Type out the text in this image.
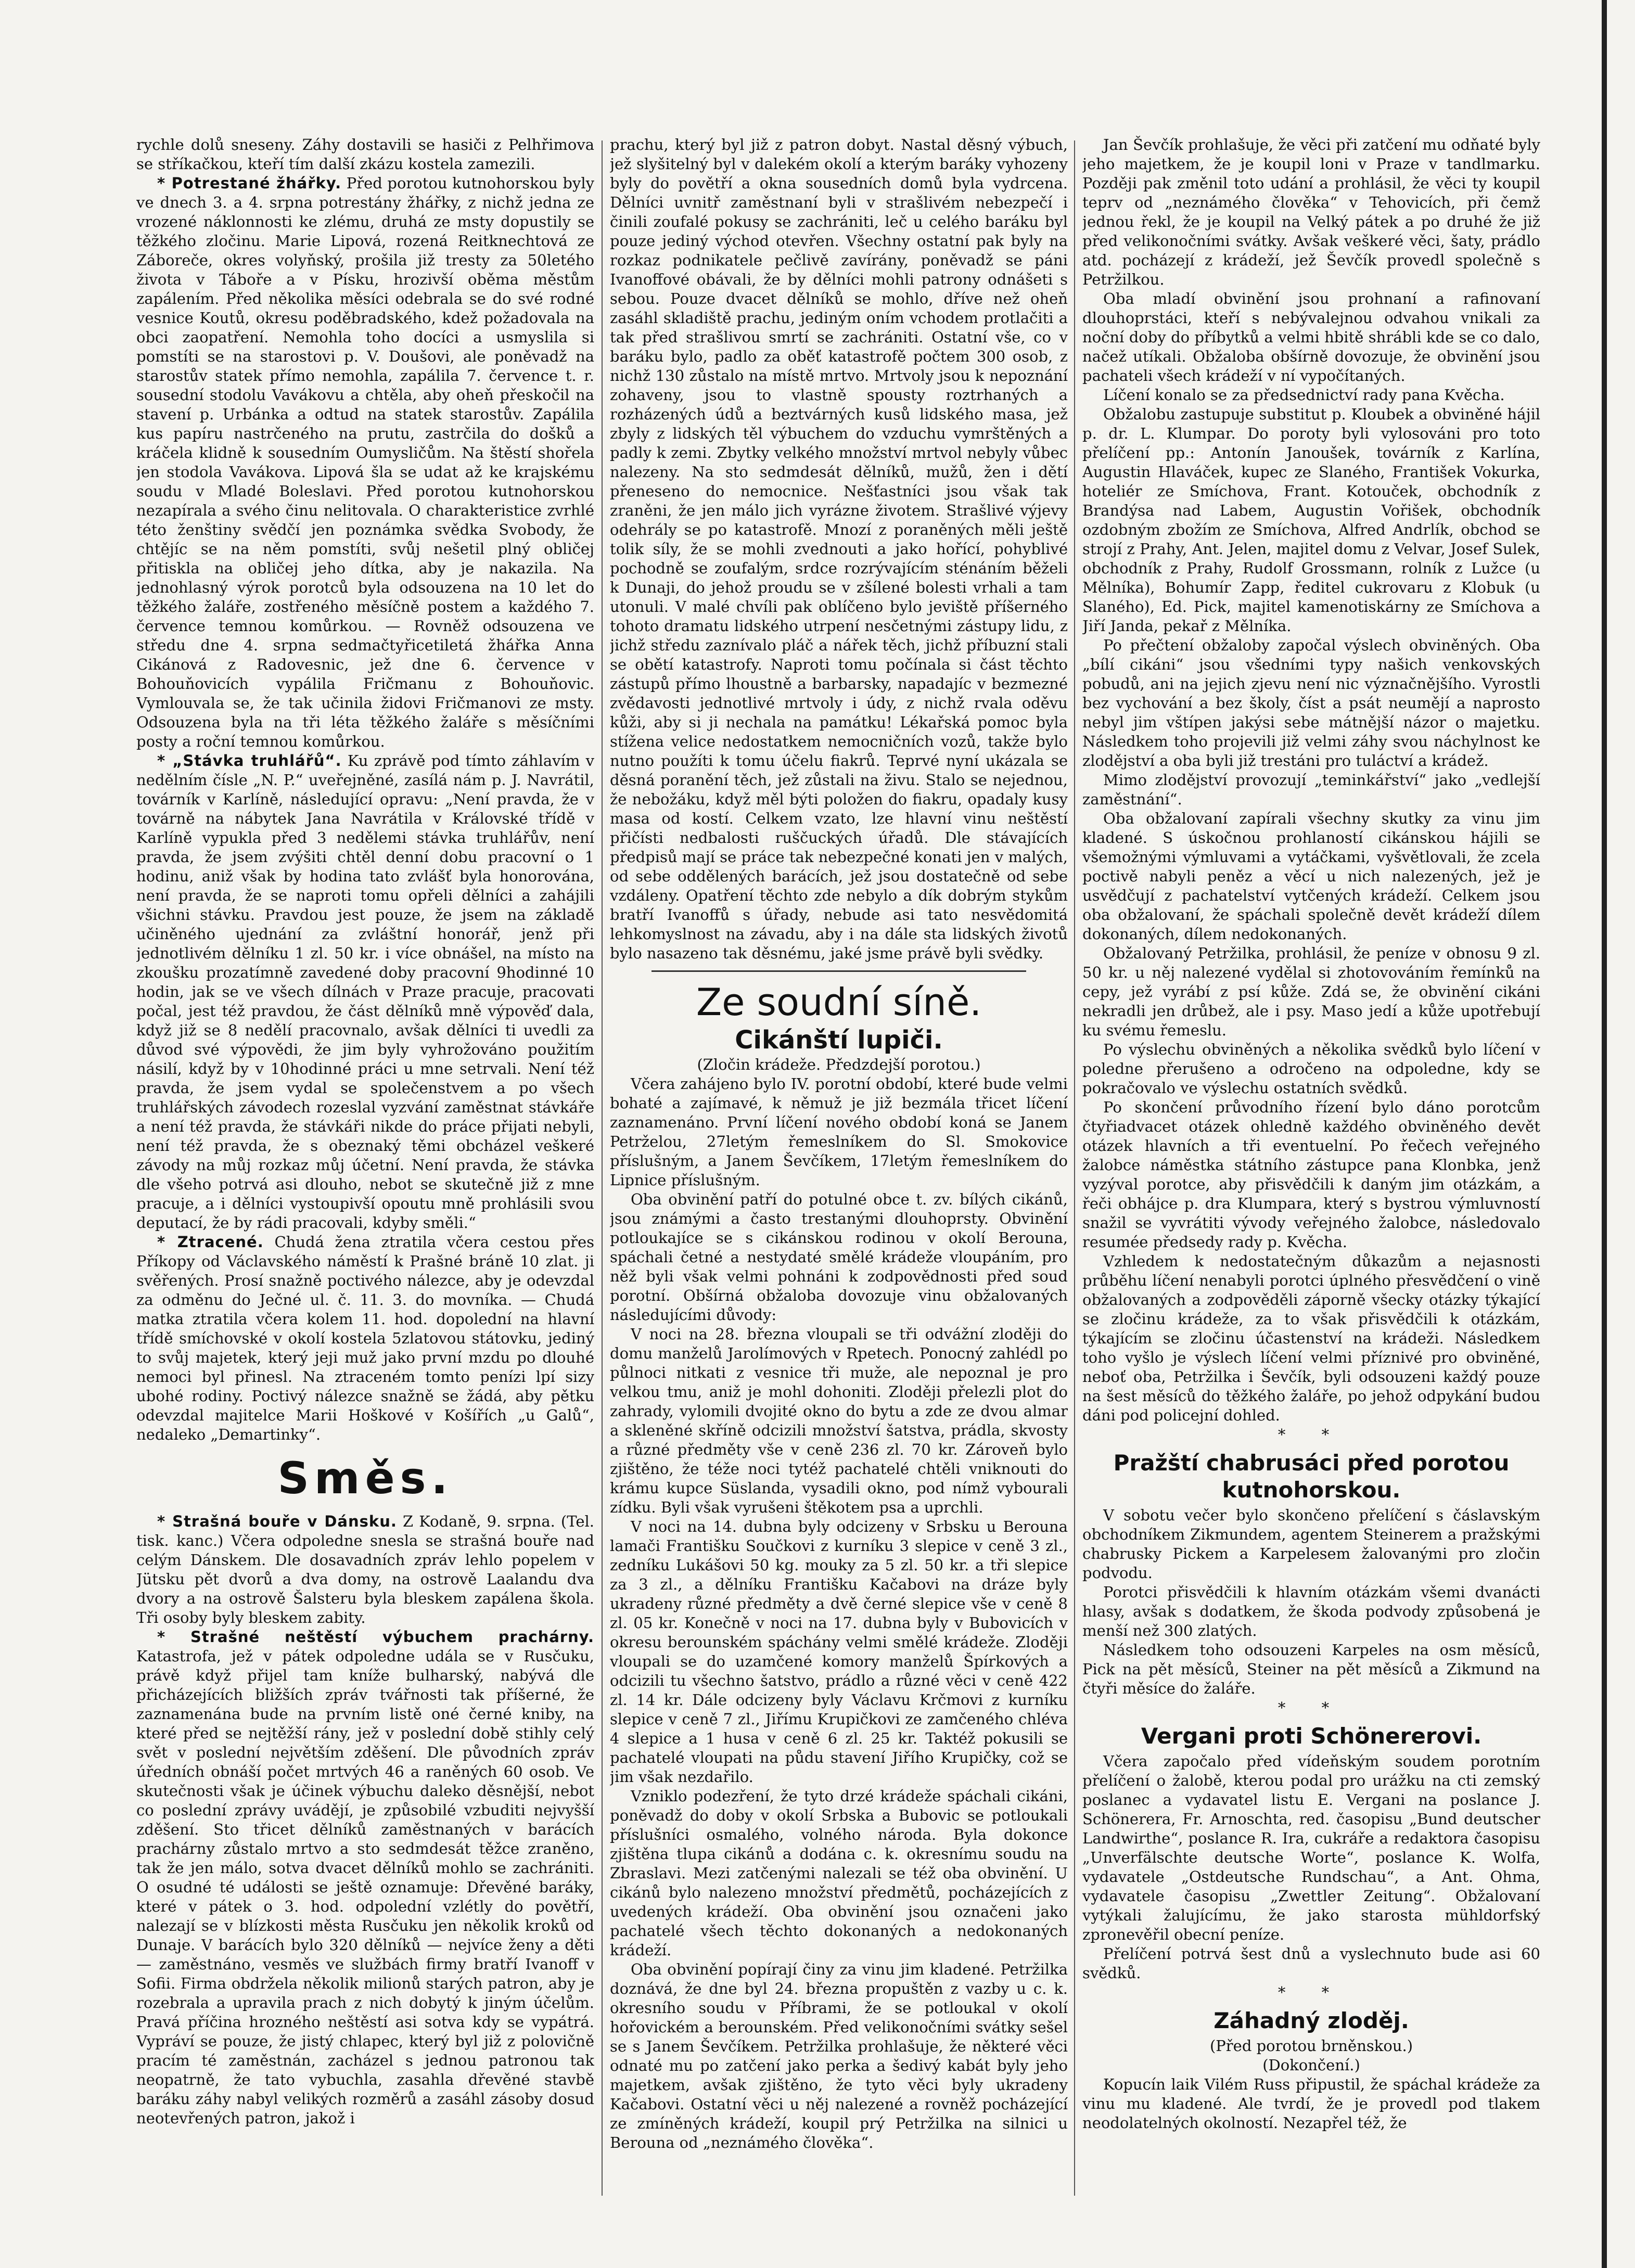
rychle dolů sneseny. Záhy dostavili se hasiči z Pelhřimova se stříkačkou, kteří tím další zkázu kostela zamezili.

* Potrestané žhářky. Před porotou kutnohorskou byly ve dnech 3. a 4. srpna potrestány žhářky, z nichž jedna ze vrozené náklonnosti ke zlému, druhá ze msty dopustily se těžkého zločinu. Marie Lipová, rozená Reitknechtová ze Záboreče, okres volyňský, prošila již tresty za 50letého života v Táboře a v Písku, hrozivší oběma městům zapálením. Před několika měsíci odebrala se do své rodné vesnice Koutů, okresu poděbradského, kdež požadovala na obci zaopatření. Nemohla toho docíci a usmyslila si pomstíti se na starostovi p. V. Doušovi, ale poněvadž na starostův statek přímo nemohla, zapálila 7. července t. r. sousední stodolu Vavákovu a chtěla, aby oheň přeskočil na stavení p. Urbánka a odtud na statek starostův. Zapálila kus papíru nastrčeného na prutu, zastrčila do došků a kráčela klidně k sousedním Oumysličům. Na štěstí shořela jen stodola Vavákova. Lipová šla se udat až ke krajskému soudu v Mladé Boleslavi. Před porotou kutnohorskou nezapírala a svého činu nelitovala. O charakteristice zvrhlé této ženštiny svědčí jen poznámka svědka Svobody, že chtějíc se na něm pomstíti, svůj nešetil plný obličej přitiskla na obličej jeho dítka, aby je nakazila. Na jednohlasný výrok porotců byla odsouzena na 10 let do těžkého žaláře, zostřeného měsíčně postem a každého 7. července temnou komůrkou. — Rovněž odsouzena ve středu dne 4. srpna sedmačtyřicetiletá žhářka Anna Cikánová z Radovesnic, jež dne 6. července v Bohouňovicích vypálila Fričmanu z Bohouňovic. Vymlouvala se, že tak učinila židovi Fričmanovi ze msty. Odsouzena byla na tři léta těžkého žaláře s měsíčními posty a roční temnou komůrkou.

* „Stávka truhlářů“. Ku zprávě pod tímto záhlavím v nedělním čísle „N. P.“ uveřejněné, zasílá nám p. J. Navrátil, továrník v Karlíně, následující opravu: „Není pravda, že v továrně na nábytek Jana Navrátila v Královské třídě v Karlíně vypukla před 3 nedělemi stávka truhlářův, není pravda, že jsem zvýšiti chtěl denní dobu pracovní o 1 hodinu, aniž však by hodina tato zvlášť byla honorována, není pravda, že se naproti tomu opřeli dělníci a zahájili všichni stávku. Pravdou jest pouze, že jsem na základě učiněného ujednání za zvláštní honorář, jenž při jednotlivém dělníku 1 zl. 50 kr. i více obnášel, na místo na zkoušku prozatímně zavedené doby pracovní 9hodinné 10 hodin, jak se ve všech dílnách v Praze pracuje, pracovati počal, jest též pravdou, že část dělníků mně výpověď dala, když již se 8 nedělí pracovnalo, avšak dělníci ti uvedli za důvod své výpovědi, že jim byly vyhrožováno použitím násilí, když by v 10hodinné práci u mne setrvali. Není též pravda, že jsem vydal se společenstvem a po všech truhlářských závodech rozeslal vyzvání zaměstnat stávkáře a není též pravda, že stávkáři nikde do práce přijati nebyli, není též pravda, že s obeznaký těmi obcházel veškeré závody na můj rozkaz můj účetní. Není pravda, že stávka dle všeho potrvá asi dlouho, nebot se skutečně již z mne pracuje, a i dělníci vystoupivší opoutu mně prohlásili svou deputací, že by rádi pracovali, kdyby směli.“

* Ztracené. Chudá žena ztratila včera cestou přes Příkopy od Václavského náměstí k Prašné bráně 10 zlat. ji svěřených. Prosí snažně poctivého nálezce, aby je odevzdal za odměnu do Ječné ul. č. 11. 3. do movníka. — Chudá matka ztratila včera kolem 11. hod. dopolední na hlavní třídě smíchovské v okolí kostela 5zlatovou státovku, jediný to svůj majetek, který jeji muž jako první mzdu po dlouhé nemoci byl přinesl. Na ztraceném tomto penízi lpí sizy ubohé rodiny. Poctivý nálezce snažně se žádá, aby pětku odevzdal majitelce Marii Hoškové v Košířích „u Galů“, nedaleko „Demartinky“.

Směs.

* Strašná bouře v Dánsku. Z Kodaně, 9. srpna. (Tel. tisk. kanc.) Včera odpoledne snesla se strašná bouře nad celým Dánskem. Dle dosavadních zpráv lehlo popelem v Jütsku pět dvorů a dva domy, na ostrově Laalandu dva dvory a na ostrově Šalsteru byla bleskem zapálena škola. Tři osoby byly bleskem zabity.

* Strašné neštěstí výbuchem prachárny. Katastrofa, jež v pátek odpoledne udála se v Rusčuku, právě když přijel tam kníže bulharský, nabývá dle přicházejících bližších zpráv tvářnosti tak příšerné, že zaznamenána bude na prvním listě oné černé kniby, na které před se nejtěžší rány, jež v poslední době stihly celý svět v poslední největším zděšení. Dle původních zpráv úředních obnáší počet mrtvých 46 a raněných 60 osob. Ve skutečnosti však je účinek výbuchu daleko děsnější, nebot co poslední zprávy uvádějí, je způsobilé vzbuditi nejvyšší zděšení. Sto třicet dělníků zaměstnaných v barácích prachárny zůstalo mrtvo a sto sedmdesát těžce zraněno, tak že jen málo, sotva dvacet dělníků mohlo se zachrániti. O osudné té události se ještě oznamuje: Dřevěné baráky, které v pátek o 3. hod. odpolední vzlétly do povětří, nalezají se v blízkosti města Rusčuku jen několik kroků od Dunaje. V barácích bylo 320 dělníků — nejvíce ženy a děti — zaměstnáno, vesměs ve službách firmy bratří Ivanoff v Sofii. Firma obdržela několik milionů starých patron, aby je rozebrala a upravila prach z nich dobytý k jiným účelům. Pravá příčina hrozného neštěstí asi sotva kdy se vypátrá. Vypráví se pouze, že jistý chlapec, který byl již z polovičně pracím té zaměstnán, zacházel s jednou patronou tak neopatrně, že tato vybuchla, zasahla dřevěné stavbě baráku záhy nabyl velikých rozměrů a zasáhl zásoby dosud neotevřených patron, jakož i

prachu, který byl již z patron dobyt. Nastal děsný výbuch, jež slyšitelný byl v dalekém okolí a kterým baráky vyhozeny byly do povětří a okna sousedních domů byla vydrcena. Dělníci uvnitř zaměstnaní byli v strašlivém nebezpečí i činili zoufalé pokusy se zachrániti, leč u celého baráku byl pouze jediný východ otevřen. Všechny ostatní pak byly na rozkaz podnikatele pečlivě zavírány, poněvadž se páni Ivanoffové obávali, že by dělníci mohli patrony odnášeti s sebou. Pouze dvacet dělníků se mohlo, dříve než oheň zasáhl skladiště prachu, jediným oním vchodem protlačiti a tak před strašlivou smrtí se zachrániti. Ostatní vše, co v baráku bylo, padlo za oběť katastrofě počtem 300 osob, z nichž 130 zůstalo na místě mrtvo. Mrtvoly jsou k nepoznání zohaveny, jsou to vlastně spousty roztrhaných a rozházených údů a beztvárných kusů lidského masa, jež zbyly z lidských těl výbuchem do vzduchu vymrštěných a padly k zemi. Zbytky velkého množství mrtvol nebyly vůbec nalezeny. Na sto sedmdesát dělníků, mužů, žen i dětí přeneseno do nemocnice. Nešťastníci jsou však tak zraněni, že jen málo jich vyrázne životem. Strašlivé výjevy odehrály se po katastrofě. Mnozí z poraněných měli ještě tolik síly, že se mohli zvednouti a jako hořící, pohyblivé pochodně se zoufalým, srdce rozrývajícím sténáním běželi k Dunaji, do jehož proudu se v zšílené bolesti vrhali a tam utonuli. V malé chvíli pak oblíčeno bylo jeviště příšerného tohoto dramatu lidského utrpení nesčetnými zástupy lidu, z jichž středu zaznívalo pláč a nářek těch, jichž příbuzní stali se obětí katastrofy. Naproti tomu počínala si část těchto zástupů přímo lhoustně a barbarsky, napadajíc v bezmezné zvědavosti jednotlivé mrtvoly i údy, z nichž rvala oděvu kůži, aby si ji nechala na památku! Lékařská pomoc byla stížena velice nedostatkem nemocničních vozů, takže bylo nutno použíti k tomu účelu fiakrů. Teprvé nyní ukázala se děsná poranění těch, jež zůstali na živu. Stalo se nejednou, že nebožáku, když měl býti položen do fiakru, opadaly kusy masa od kostí. Celkem vzato, lze hlavní vinu neštěstí přičísti nedbalosti ruščuckých úřadů. Dle stávajících předpisů mají se práce tak nebezpečné konati jen v malých, od sebe oddělených barácích, jež jsou dostatečně od sebe vzdáleny. Opatření těchto zde nebylo a dík dobrým stykům bratří Ivanoffů s úřady, nebude asi tato nesvědomitá lehkomyslnost na závadu, aby i na dále sta lidských životů bylo nasazeno tak děsnému, jaké jsme právě byli svědky.

Ze soudní síně.
Cikánští lupiči.

(Zločin krádeže. Předzdejší porotou.)

Včera zahájeno bylo IV. porotní období, které bude velmi bohaté a zajímavé, k němuž je již bezmála třicet líčení zaznamenáno. První líčení nového období koná se Janem Petrželou, 27letým řemeslníkem do Sl. Smokovice příslušným, a Janem Ševčíkem, 17letým řemeslníkem do Lipnice příslušným.

Oba obvinění patří do potulné obce t. zv. bílých cikánů, jsou známými a často trestanými dlouhoprsty. Obvinění potloukajíce se s cikánskou rodinou v okolí Berouna, spáchali četné a nestydaté smělé krádeže vloupáním, pro něž byli však velmi pohnáni k zodpovědnosti před soud porotní. Obšírná obžaloba dovozuje vinu obžalovaných následujícími důvody:

V noci na 28. března vloupali se tři odvážní zloději do domu manželů Jarolímových v Rpetech. Ponocný zahlédl po půlnoci nitkati z vesnice tři muže, ale nepoznal je pro velkou tmu, aniž je mohl dohoniti. Zloději přelezli plot do zahrady, vylomili dvojité okno do bytu a zde ze dvou almar a skleněné skříně odcizili množství šatstva, prádla, skvosty a různé předměty vše v ceně 236 zl. 70 kr. Zároveň bylo zjištěno, že téže noci tytéž pachatelé chtěli vniknouti do krámu kupce Süslanda, vysadili okno, pod nímž vybourali zídku. Byli však vyrušeni štěkotem psa a uprchli.

V noci na 14. dubna byly odcizeny v Srbsku u Berouna lamači Františku Součkovi z kurníku 3 slepice v ceně 3 zl., zedníku Lukášovi 50 kg. mouky za 5 zl. 50 kr. a tři slepice za 3 zl., a dělníku Františku Kačabovi na dráze byly ukradeny různé předměty a dvě černé slepice vše v ceně 8 zl. 05 kr. Konečně v noci na 17. dubna byly v Bubovicích v okresu berounském spáchány velmi smělé krádeže. Zloději vloupali se do uzamčené komory manželů Špírkových a odcizili tu všechno šatstvo, prádlo a různé věci v ceně 422 zl. 14 kr. Dále odcizeny byly Václavu Krčmovi z kurníku slepice v ceně 7 zl., Jiřímu Krupičkovi ze zamčeného chléva 4 slepice a 1 husa v ceně 6 zl. 25 kr. Taktéž pokusili se pachatelé vloupati na půdu stavení Jiřího Krupičky, což se jim však nezdařilo.

Vzniklo podezření, že tyto drzé krádeže spáchali cikáni, poněvadž do doby v okolí Srbska a Bubovic se potloukali příslušníci osmalého, volného národa. Byla dokonce zjištěna tlupa cikánů a dodána c. k. okresnímu soudu na Zbraslavi. Mezi zatčenými nalezali se též oba obvinění. U cikánů bylo nalezeno množství předmětů, pocházejících z uvedených krádeží. Oba obvinění jsou označeni jako pachatelé všech těchto dokonaných a nedokonaných krádeží.

Oba obvinění popírají činy za vinu jim kladené. Petržilka doznává, že dne byl 24. března propuštěn z vazby u c. k. okresního soudu v Příbrami, že se potloukal v okolí hořovickém a berounském. Před velikonočními svátky sešel se s Janem Ševčíkem. Petržilka prohlašuje, že některé věci odnaté mu po zatčení jako perka a šedivý kabát byly jeho majetkem, avšak zjištěno, že tyto věci byly ukradeny Kačabovi. Ostatní věci u něj nalezené a rovněž pocházející ze zmíněných krádeží, koupil prý Petržilka na silnici u Berouna od „neznámého člověka“.

Jan Ševčík prohlašuje, že věci při zatčení mu odňaté byly jeho majetkem, že je koupil loni v Praze v tandlmarku. Později pak změnil toto udání a prohlásil, že věci ty koupil teprv od „neznámého člověka“ v Tehovicích, při čemž jednou řekl, že je koupil na Velký pátek a po druhé že již před velikonočními svátky. Avšak veškeré věci, šaty, prádlo atd. pocházejí z krádeží, jež Ševčík provedl společně s Petržilkou.

Oba mladí obvinění jsou prohnaní a rafinovaní dlouhoprstáci, kteří s nebývalejnou odvahou vnikali za noční doby do příbytků a velmi hbitě shrábli kde se co dalo, načež utíkali. Obžaloba obšírně dovozuje, že obvinění jsou pachateli všech krádeží v ní vypočítaných.

Líčení konalo se za předsednictví rady pana Kvěcha.

Obžalobu zastupuje substitut p. Kloubek a obviněné hájil p. dr. L. Klumpar. Do poroty byli vylosováni pro toto přelíčení pp.: Antonín Janoušek, továrník z Karlína, Augustin Hlaváček, kupec ze Slaného, František Vokurka, hoteliér ze Smíchova, Frant. Kotouček, obchodník z Brandýsa nad Labem, Augustin Vořišek, obchodník ozdobným zbožím ze Smíchova, Alfred Andrlík, obchod se strojí z Prahy, Ant. Jelen, majitel domu z Velvar, Josef Sulek, obchodník z Prahy, Rudolf Grossmann, rolník z Lužce (u Mělníka), Bohumír Zapp, ředitel cukrovaru z Klobuk (u Slaného), Ed. Pick, majitel kamenotiskárny ze Smíchova a Jiří Janda, pekař z Mělníka.

Po přečtení obžaloby započal výslech obviněných. Oba „bílí cikáni“ jsou všedními typy našich venkovských pobudů, ani na jejich zjevu není nic význačnějšího. Vyrostli bez vychování a bez školy, číst a psát neumějí a naprosto nebyl jim vštípen jakýsi sebe mátnější názor o majetku. Následkem toho projevili již velmi záhy svou náchylnost ke zlodějství a oba byli již trestáni pro tuláctví a krádež.

Mimo zlodějství provozují „teminkářství“ jako „vedlejší zaměstnání“.

Oba obžalovaní zapírali všechny skutky za vinu jim kladené. S úskočnou prohlaností cikánskou hájili se všemožnými výmluvami a vytáčkami, vyšvětlovali, že zcela poctivě nabyli peněz a věcí u nich nalezených, jež je usvědčují z pachatelství vytčených krádeží. Celkem jsou oba obžalovaní, že spáchali společně devět krádeží dílem dokonaných, dílem nedokonaných.

Obžalovaný Petržilka, prohlásil, že peníze v obnosu 9 zl. 50 kr. u něj nalezené vydělal si zhotovováním řemínků na cepy, jež vyrábí z psí kůže. Zdá se, že obvinění cikáni nekradli jen drůbež, ale i psy. Maso jedí a kůže upotřebují ku svému řemeslu.

Po výslechu obviněných a několika svědků bylo líčení v poledne přerušeno a odročeno na odpoledne, kdy se pokračovalo ve výslechu ostatních svědků.

Po skončení průvodního řízení bylo dáno porotcům čtyřiadvacet otázek ohledně každého obviněného devět otázek hlavních a tři eventuelní. Po řečech veřejného žalobce náměstka státního zástupce pana Klonbka, jenž vyzýval porotce, aby přisvědčili k daným jim otázkám, a řeči obhájce p. dra Klumpara, který s bystrou výmluvností snažil se vyvrátiti vývody veřejného žalobce, následovalo resumée předsedy rady p. Kvěcha.

Vzhledem k nedostatečným důkazům a nejasnosti průběhu líčení nenabyli porotci úplného přesvědčení o vině obžalovaných a zodpověděli záporně všecky otázky týkající se zločinu krádeže, za to však přisvědčili k otázkám, týkajícím se zločinu účastenství na krádeži. Následkem toho vyšlo je výslech líčení velmi příznivé pro obviněné, neboť oba, Petržilka i Ševčík, byli odsouzeni každý pouze na šest měsíců do těžkého žaláře, po jehož odpykání budou dáni pod policejní dohled.

* *

Pražští chabrusáci před porotou kutnohorskou.

V sobotu večer bylo skončeno přelíčení s čáslavským obchodníkem Zikmundem, agentem Steinerem a pražskými chabrusky Pickem a Karpelesem žalovanými pro zločin podvodu.

Porotci přisvědčili k hlavním otázkám všemi dvanácti hlasy, avšak s dodatkem, že škoda podvody způsobená je menší než 300 zlatých.

Následkem toho odsouzeni Karpeles na osm měsíců, Pick na pět měsíců, Steiner na pět měsíců a Zikmund na čtyři měsíce do žaláře.

* *

Vergani proti Schönererovi.

Včera započalo před vídeňským soudem porotním přelíčení o žalobě, kterou podal pro urážku na cti zemský poslanec a vydavatel listu E. Vergani na poslance J. Schönerera, Fr. Arnoschta, red. časopisu „Bund deutscher Landwirthe“, poslance R. Ira, cukráře a redaktora časopisu „Unverfälschte deutsche Worte“, poslance K. Wolfa, vydavatele „Ostdeutsche Rundschau“, a Ant. Ohma, vydavatele časopisu „Zwettler Zeitung“. Obžalovaní vytýkali žalujícímu, že jako starosta mühldorfský zpronevěřil obecní peníze.

Přelíčení potrvá šest dnů a vyslechnuto bude asi 60 svědků.

* *

Záhadný zloděj.

(Před porotou brněnskou.)

(Dokončení.)

Kopucín laik Vilém Russ připustil, že spáchal krádeže za vinu mu kladené. Ale tvrdí, že je provedl pod tlakem neodolatelných okolností. Nezapřel též, že
